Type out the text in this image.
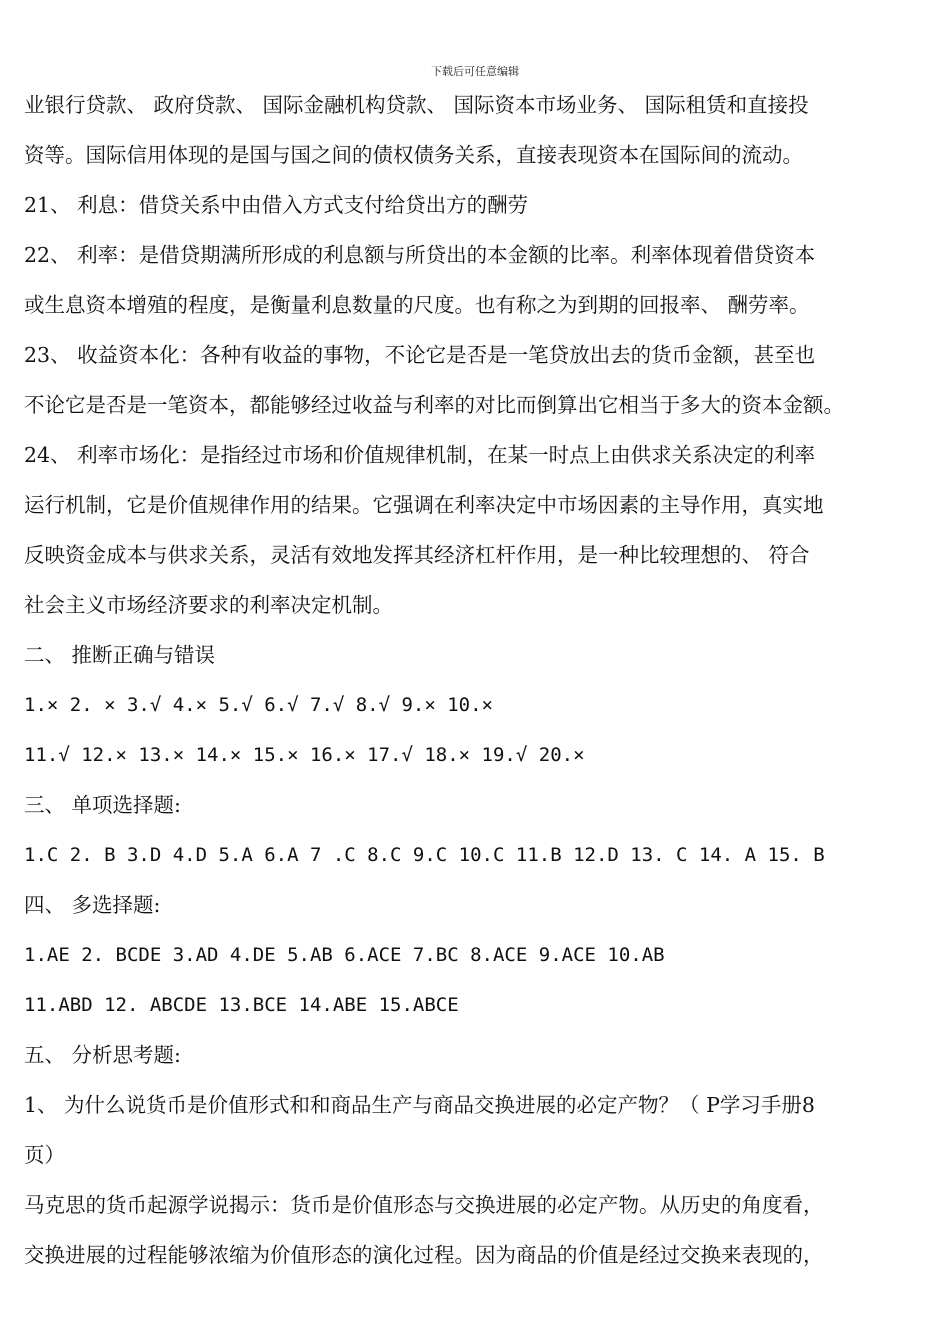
下载后可任意编辑
业银行贷款、 政府贷款、 国际金融机构贷款、 国际资本市场业务、 国际租赁和直接投
资等。国际信用体现的是国与国之间的债权债务关系，直接表现资本在国际间的流动。
21、 利息：借贷关系中由借入方式支付给贷出方的酬劳
22、 利率：是借贷期满所形成的利息额与所贷出的本金额的比率。利率体现着借贷资本
或生息资本增殖的程度，是衡量利息数量的尺度。也有称之为到期的回报率、 酬劳率。
23、 收益资本化：各种有收益的事物，不论它是否是一笔贷放出去的货币金额，甚至也
不论它是否是一笔资本，都能够经过收益与利率的对比而倒算出它相当于多大的资本金额。
24、 利率市场化：是指经过市场和价值规律机制，在某一时点上由供求关系决定的利率
运行机制，它是价值规律作用的结果。它强调在利率决定中市场因素的主导作用，真实地
反映资金成本与供求关系，灵活有效地发挥其经济杠杆作用，是一种比较理想的、 符合
社会主义市场经济要求的利率决定机制。
二、 推断正确与错误
1.× 2. × 3.√ 4.× 5.√ 6.√ 7.√ 8.√ 9.× 10.×
11.√ 12.× 13.× 14.× 15.× 16.× 17.√ 18.× 19.√ 20.×
三、 单项选择题:
1.C 2. B 3.D 4.D 5.A 6.A 7 .C 8.C 9.C 10.C 11.B 12.D 13. C 14. A 15. B
四、 多选择题:
1.AE 2. BCDE 3.AD 4.DE 5.AB 6.ACE 7.BC 8.ACE 9.ACE 10.AB
11.ABD 12. ABCDE 13.BCE 14.ABE 15.ABCE
五、 分析思考题:
1、 为什么说货币是价值形式和和商品生产与商品交换进展的必定产物？（ P学习手册8
页）
马克思的货币起源学说揭示：货币是价值形态与交换进展的必定产物。从历史的角度看，
交换进展的过程能够浓缩为价值形态的演化过程。因为商品的价值是经过交换来表现的，
